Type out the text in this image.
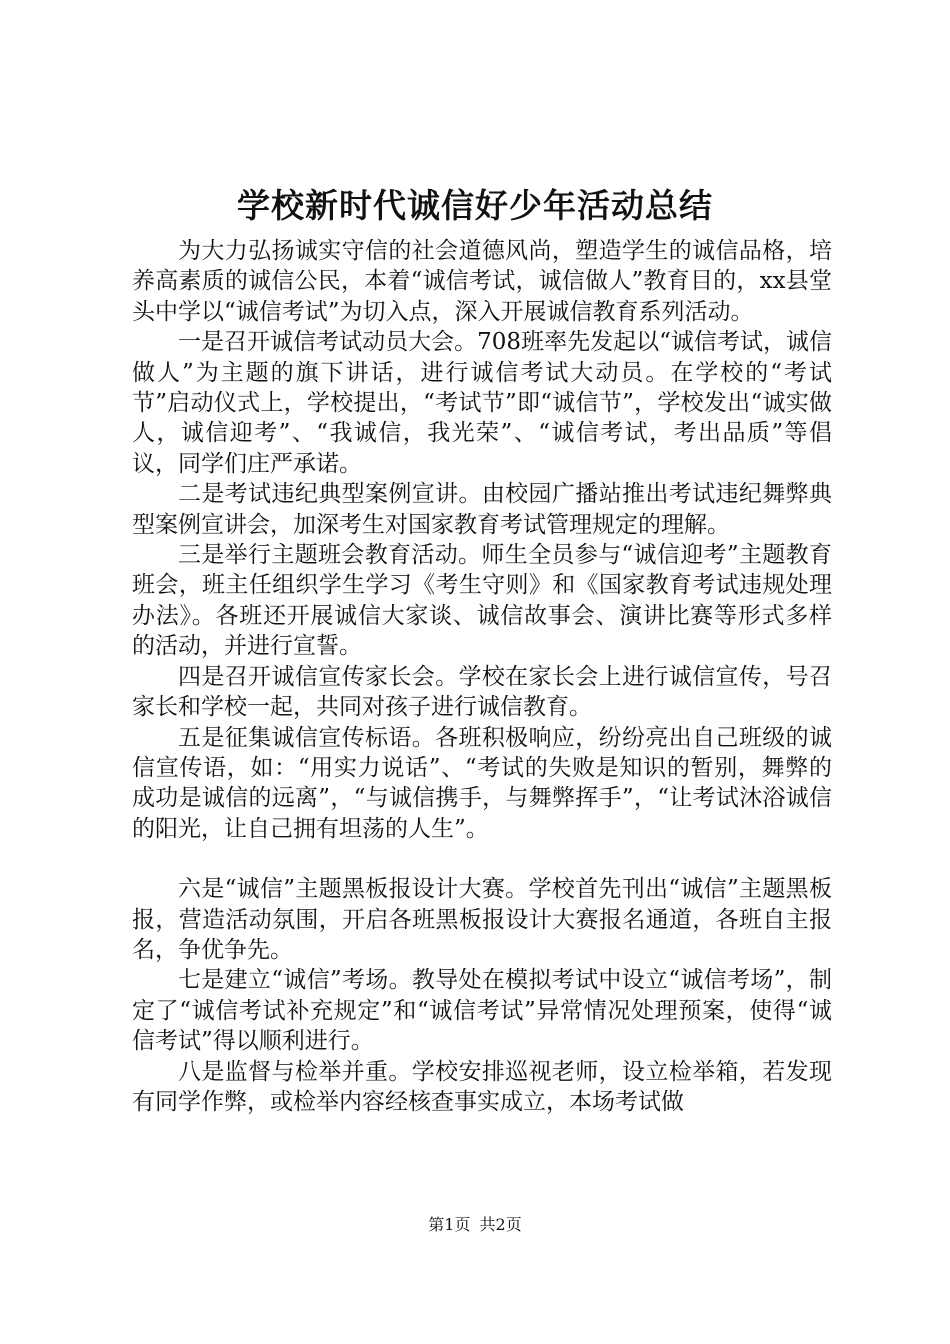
学校新时代诚信好少年活动总结

为大力弘扬诚实守信的社会道德风尚，塑造学生的诚信品格，培养高素质的诚信公民，本着“诚信考试，诚信做人”教育目的，xx县堂头中学以“诚信考试”为切入点，深入开展诚信教育系列活动。

一是召开诚信考试动员大会。708班率先发起以“诚信考试，诚信做人”为主题的旗下讲话，进行诚信考试大动员。在学校的“考试节”启动仪式上，学校提出，“考试节”即“诚信节”，学校发出“诚实做人，诚信迎考”、“我诚信，我光荣”、“诚信考试，考出品质”等倡议，同学们庄严承诺。

二是考试违纪典型案例宣讲。由校园广播站推出考试违纪舞弊典型案例宣讲会，加深考生对国家教育考试管理规定的理解。

三是举行主题班会教育活动。师生全员参与“诚信迎考”主题教育班会，班主任组织学生学习《考生守则》和《国家教育考试违规处理办法》。各班还开展诚信大家谈、诚信故事会、演讲比赛等形式多样的活动，并进行宣誓。

四是召开诚信宣传家长会。学校在家长会上进行诚信宣传，号召家长和学校一起，共同对孩子进行诚信教育。

五是征集诚信宣传标语。各班积极响应，纷纷亮出自己班级的诚信宣传语，如：“用实力说话”、“考试的失败是知识的暂别，舞弊的成功是诚信的远离”，“与诚信携手，与舞弊挥手”，“让考试沐浴诚信的阳光，让自己拥有坦荡的人生”。

六是“诚信”主题黑板报设计大赛。学校首先刊出“诚信”主题黑板报，营造活动氛围，开启各班黑板报设计大赛报名通道，各班自主报名，争优争先。

七是建立“诚信”考场。教导处在模拟考试中设立“诚信考场”，制定了“诚信考试补充规定”和“诚信考试”异常情况处理预案，使得“诚信考试”得以顺利进行。

八是监督与检举并重。学校安排巡视老师，设立检举箱，若发现有同学作弊，或检举内容经核查事实成立，本场考试做

第1页 共2页
